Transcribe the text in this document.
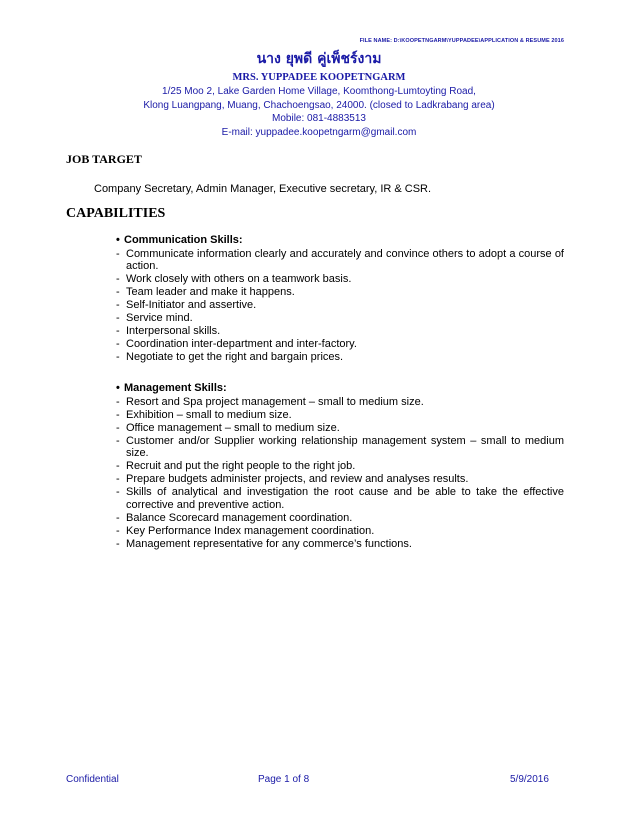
FILE NAME: D:\KOOPETNGARM\YUPPADEE\APPLICATION & RESUME 2016
นาง ยุพดี คู่เพ็ชร์งาม
MRS. YUPPADEE KOOPETNGARM
1/25 Moo 2, Lake Garden Home Village, Koomthong-Lumtoyting Road,
Klong Luangpang, Muang, Chachoengsao, 24000. (closed to Ladkrabang area)
Mobile: 081-4883513
E-mail: yuppadee.koopetngarm@gmail.com
JOB TARGET
Company Secretary, Admin Manager, Executive secretary, IR & CSR.
CAPABILITIES
• Communication Skills:
- Communicate information clearly and accurately and convince others to adopt a course of action.
- Work closely with others on a teamwork basis.
- Team leader and make it happens.
- Self-Initiator and assertive.
- Service mind.
- Interpersonal skills.
- Coordination inter-department and inter-factory.
- Negotiate to get the right and bargain prices.
• Management Skills:
- Resort and Spa project management – small to medium size.
- Exhibition – small to medium size.
- Office management – small to medium size.
- Customer and/or Supplier working relationship management system – small to medium size.
- Recruit and put the right people to the right job.
- Prepare budgets administer projects, and review and analyses results.
- Skills of analytical and investigation the root cause and be able to take the effective corrective and preventive action.
- Balance Scorecard management coordination.
- Key Performance Index management coordination.
- Management representative for any commerce’s functions.
Confidential	Page 1 of 8	5/9/2016
